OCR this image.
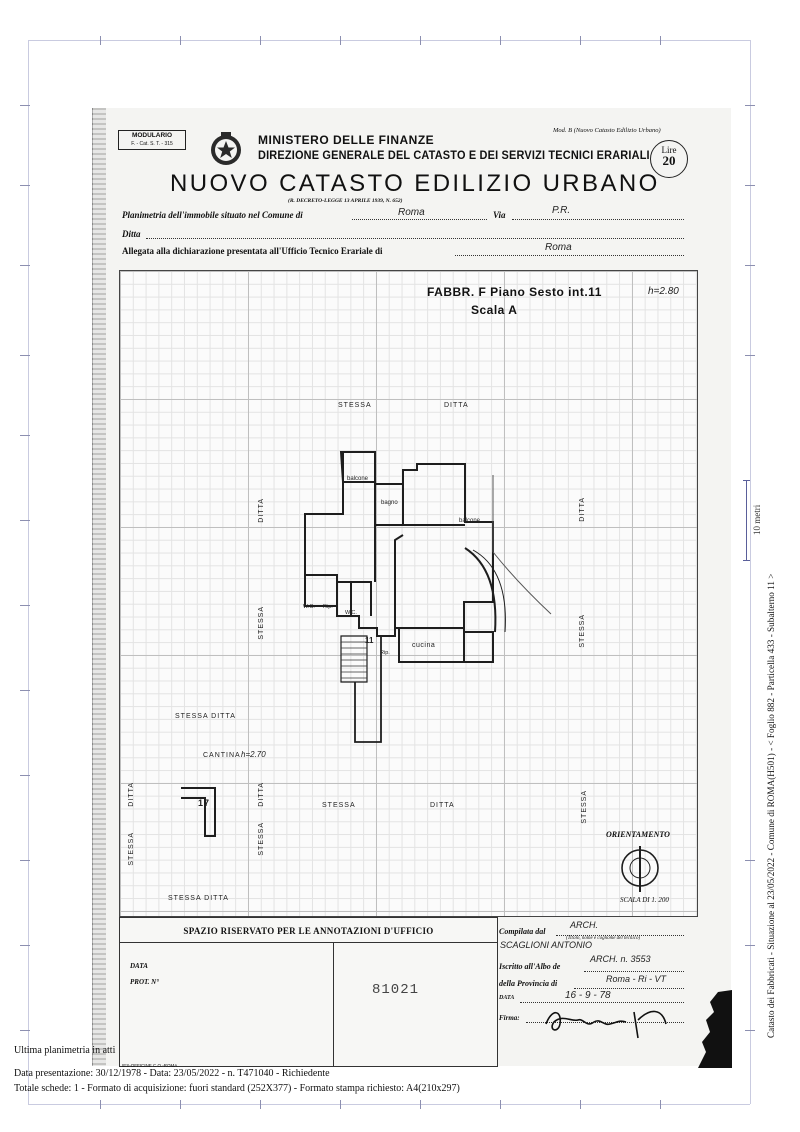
MODULARIO
F. - Cat. S. T. - 315	MINISTERO DELLE FINANZE
DIREZIONE GENERALE DEL CATASTO E DEI SERVIZI TECNICI ERARIALI
NUOVO CATASTO EDILIZIO URBANO
(R. DECRETO-LEGGE 13 APRILE 1939, N. 652)
Mod. B (Nuovo Catasto Edilizio Urbano)
Lire
20
Planimetria dell'immobile situato nel Comune di	Roma	Via	P.R.
Ditta
Allegata alla dichiarazione presentata all'Ufficio Tecnico Erariale di	Roma
FABBR. F Piano Sesto int.11	h=2.80
Scala A
STESSA	DITTA
DITTA
STESSA
DITTA
STESSA
balcone
bagno
balcone
W.C. Rip.
W.C.
11
Rip.
cucina
STESSA DITTA
CANTINA h=2.70
17	STESSA	DITTA
STESSA DITTA
STESSA
DITTA
STESSA
DITTA	STESSA
ORIENTAMENTO
SCALA DI 1. 200
SPAZIO RISERVATO PER LE ANNOTAZIONI D'UFFICIO
DATA
PROT. N°	81021
Compilata dal
ARCH.
(Titolo, nome e cognome del tecnico)
SCAGLIONI ANTONIO
Iscritto all'Albo de
ARCH. n. 3553
della Provincia di	Roma - Ri - VT
DATA	16 - 9 - 78
Firma:
IES-OFFICINE C.O.-ROMA
Ultima planimetria in atti
Data presentazione: 30/12/1978 - Data: 23/05/2022 - n. T471040 - Richiedente
Totale schede: 1 - Formato di acquisizione: fuori standard (252X377) - Formato stampa richiesto: A4(210x297)
10 metri
Catasto dei Fabbricati - Situazione al 23/05/2022 - Comune di ROMA(H501) - < Foglio 882 - Particella 433 - Subalterno 11 >
